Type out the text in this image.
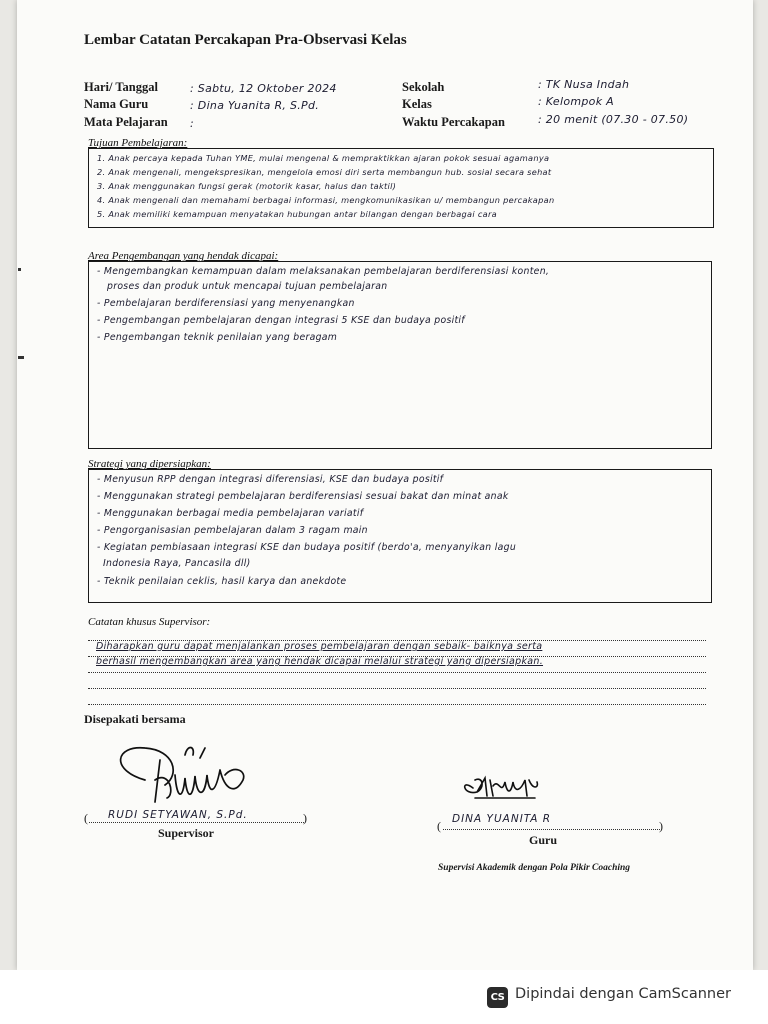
Lembar Catatan Percakapan Pra-Observasi Kelas
Hari/ Tanggal	: Sabtu, 12 Oktober 2024
Nama Guru	: Dina Yuanita R, S.Pd.
Mata Pelajaran :
Sekolah	: TK Nusa Indah
Kelas	: Kelompok A
Waktu Percakapan	: 20 menit (07.30 - 07.50)
Tujuan Pembelajaran:
1. Anak percaya kepada Tuhan YME, mulai mengenal & mempraktikkan ajaran pokok sesuai agamanya
2. Anak mengenali, mengekspresikan, mengelola emosi diri serta membangun hub. sosial secara sehat
3. Anak menggunakan fungsi gerak (motorik kasar, halus dan taktil)
4. Anak mengenali dan memahami berbagai informasi, mengkomunikasikan u/ membangun percakapan
5. Anak memiliki kemampuan menyatakan hubungan antar bilangan dengan berbagai cara
Area Pengembangan yang hendak dicapai:
- Mengembangkan kemampuan dalam melaksanakan pembelajaran berdiferensiasi konten,
proses dan produk untuk mencapai tujuan pembelajaran
- Pembelajaran berdiferensiasi yang menyenangkan
- Pengembangan pembelajaran dengan integrasi 5 KSE dan budaya positif
- Pengembangan teknik penilaian yang beragam
Strategi yang dipersiapkan:
- Menyusun RPP dengan integrasi diferensiasi, KSE dan budaya positif
- Menggunakan strategi pembelajaran berdiferensiasi sesuai bakat dan minat anak
- Menggunakan berbagai media pembelajaran variatif
- Pengorganisasian pembelajaran dalam 3 ragam main
- Kegiatan pembiasaan integrasi KSE dan budaya positif (berdo'a, menyanyikan lagu
Indonesia Raya, Pancasila dll)
- Teknik penilaian ceklis, hasil karya dan anekdote
Catatan khusus Supervisor:
Diharapkan guru dapat menjalankan proses pembelajaran dengan sebaik- baiknya serta
berhasil mengembangkan area yang hendak dicapai melalui strategi yang dipersiapkan.
Disepakati bersama
( RUDI SETYAWAN, S.Pd.	)
Supervisor	( DINA YUANITA R	)
Guru
Supervisi Akademik dengan Pola Pikir Coaching
CS Dipindai dengan CamScanner
